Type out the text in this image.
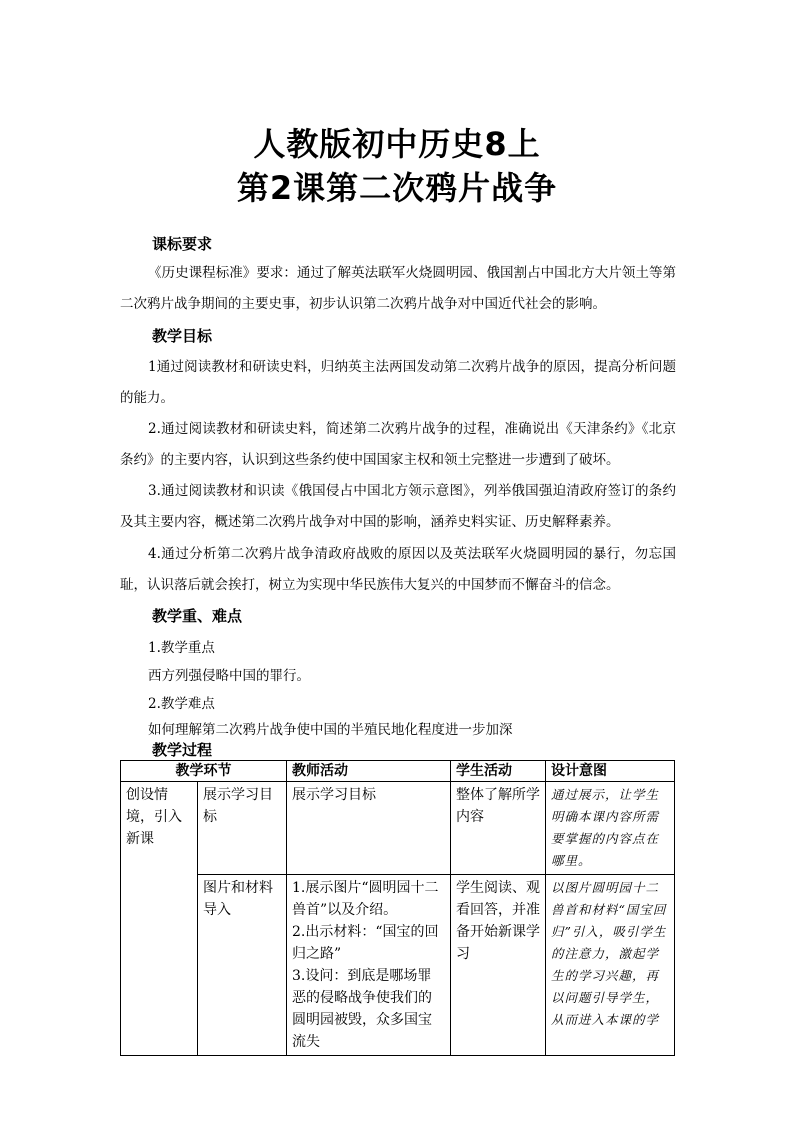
人教版初中历史8上
第2课第二次鸦片战争
课标要求

《历史课程标准》要求：通过了解英法联军火烧圆明园、俄国割占中国北方大片领土等第二次鸦片战争期间的主要史事，初步认识第二次鸦片战争对中国近代社会的影响。

教学目标

1通过阅读教材和研读史料，归纳英主法两国发动第二次鸦片战争的原因，提高分析问题的能力。

2.通过阅读教材和研读史料，简述第二次鸦片战争的过程，准确说出《天津条约》《北京条约》的主要内容，认识到这些条约使中国国家主权和领土完整进一步遭到了破坏。

3.通过阅读教材和识读《俄国侵占中国北方领示意图》，列举俄国强迫清政府签订的条约及其主要内容，概述第二次鸦片战争对中国的影响，涵养史料实证、历史解释素养。

4.通过分析第二次鸦片战争清政府战败的原因以及英法联军火烧圆明园的暴行，勿忘国耻，认识落后就会挨打，树立为实现中华民族伟大复兴的中国梦而不懈奋斗的信念。

教学重、难点
1.教学重点
西方列强侵略中国的罪行。
2.教学难点
如何理解第二次鸦片战争使中国的半殖民地化程度进一步加深
教学过程
教学环节		教师活动	学生活动	设计意图
创设情境，引入新课	展示学习目标	展示学习目标	整体了解所学内容	通过展示，让学生明确本课内容所需要掌握的内容点在哪里。
	图片和材料导入	1.展示图片“圆明园十二兽首”以及介绍。
2.出示材料：“国宝的回归之路”
3.设问：到底是哪场罪恶的侵略战争使我们的圆明园被毁，众多国宝流失	学生阅读、观看回答，并准备开始新课学习	以图片圆明园十二兽首和材料“国宝回归”引入，吸引学生的注意力，激起学生的学习兴趣，再以问题引导学生，从而进入本课的学
